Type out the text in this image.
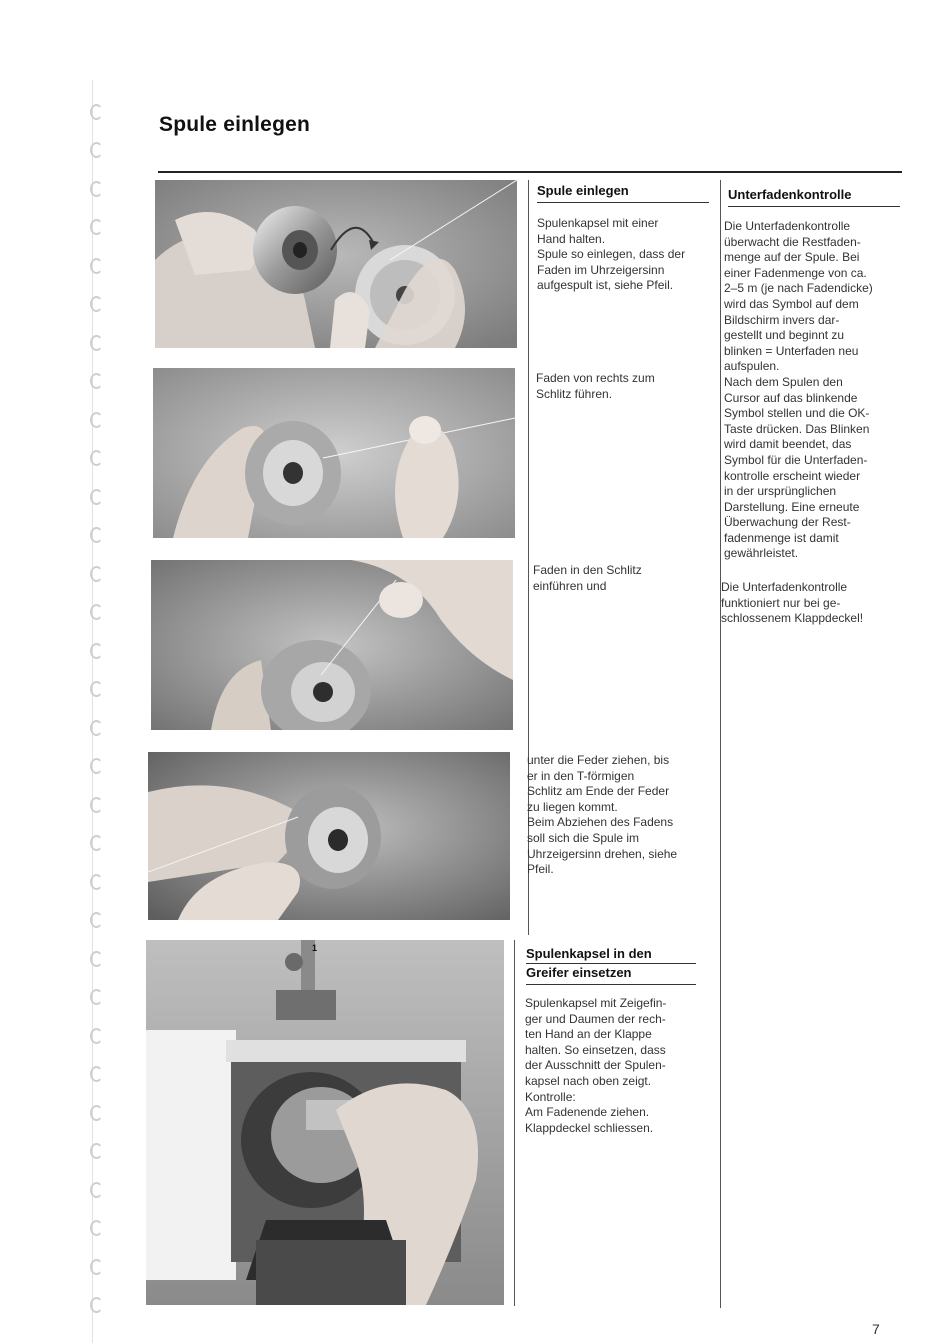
Spule einlegen
1
Spule einlegen

Spulenkapsel mit einer
Hand halten.
Spule so einlegen, dass der
Faden im Uhrzeigersinn
aufgespult ist, siehe Pfeil.

Faden von rechts zum
Schlitz führen.

Faden in den Schlitz
einführen und

unter die Feder ziehen, bis
er in den T-förmigen
Schlitz am Ende der Feder
zu liegen kommt.
Beim Abziehen des Fadens
soll sich die Spule im
Uhrzeigersinn drehen, siehe
Pfeil.

Spulenkapsel in den
Greifer einsetzen

Spulenkapsel mit Zeigefin-
ger und Daumen der rech-
ten Hand an der Klappe
halten. So einsetzen, dass
der Ausschnitt der Spulen-
kapsel nach oben zeigt.
Kontrolle:
Am Fadenende ziehen.
Klappdeckel schliessen.

Unterfadenkontrolle

Die Unterfadenkontrolle
überwacht die Restfaden-
menge auf der Spule. Bei
einer Fadenmenge von ca.
2–5 m (je nach Fadendicke)
wird das Symbol auf dem
Bildschirm invers dar-
gestellt und beginnt zu
blinken = Unterfaden neu
aufspulen.
Nach dem Spulen den
Cursor auf das blinkende
Symbol stellen und die OK-
Taste drücken. Das Blinken
wird damit beendet, das
Symbol für die Unterfaden-
kontrolle erscheint wieder
in der ursprünglichen
Darstellung. Eine erneute
Überwachung der Rest-
fadenmenge ist damit
gewährleistet.

Die Unterfadenkontrolle
funktioniert nur bei ge-
schlossenem Klappdeckel!

7
